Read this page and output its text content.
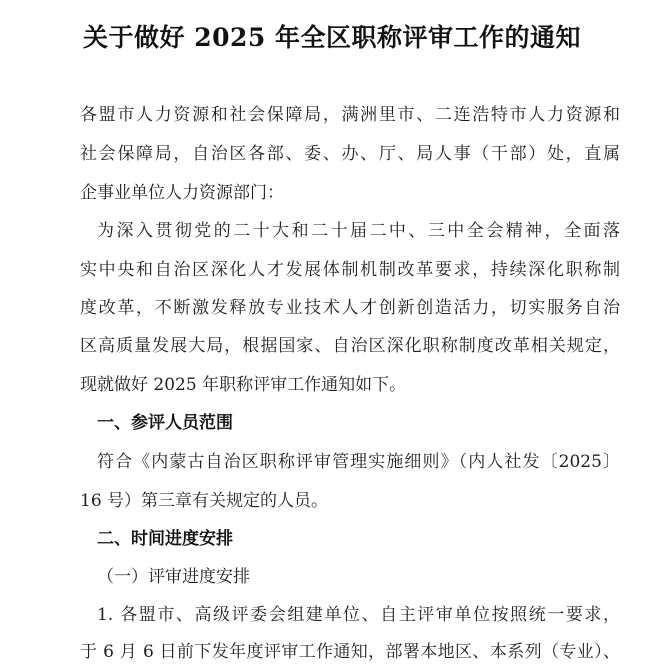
关于做好 2025 年全区职称评审工作的通知
各盟市人力资源和社会保障局，满洲里市、二连浩特市人力资源和
社会保障局，自治区各部、委、办、厅、局人事（干部）处，直属
企事业单位人力资源部门：
为深入贯彻党的二十大和二十届二中、三中全会精神，全面落
实中央和自治区深化人才发展体制机制改革要求，持续深化职称制
度改革，不断激发释放专业技术人才创新创造活力，切实服务自治
区高质量发展大局，根据国家、自治区深化职称制度改革相关规定，
现就做好 2025 年职称评审工作通知如下。
一、参评人员范围
符合《内蒙古自治区职称评审管理实施细则》（内人社发〔2025〕
16 号）第三章有关规定的人员。
二、时间进度安排
（一）评审进度安排
1. 各盟市、高级评委会组建单位、自主评审单位按照统一要求，
于 6 月 6 日前下发年度评审工作通知，部署本地区、本系列（专业）、
